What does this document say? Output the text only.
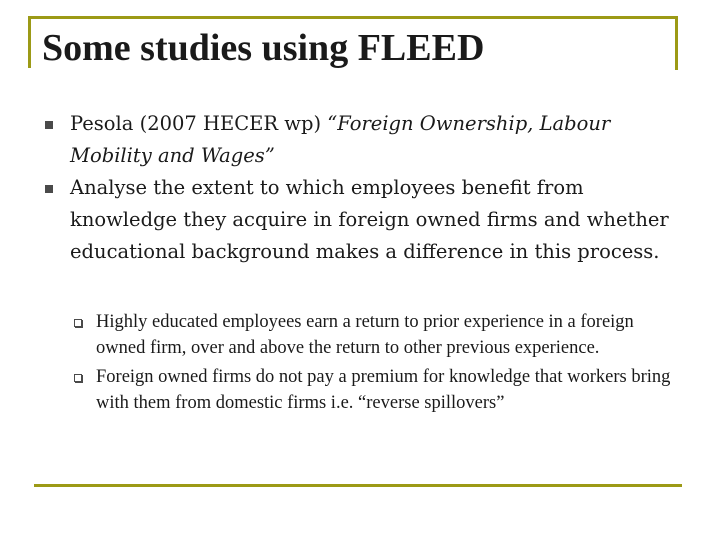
Some studies using FLEED
Pesola (2007 HECER wp) “Foreign Ownership, Labour Mobility and Wages”
Analyse the extent to which employees benefit from knowledge they acquire in foreign owned firms and whether educational background makes a difference in this process.
Highly educated employees earn a return to prior experience in a foreign owned firm, over and above the return to other previous experience.
Foreign owned firms do not pay a premium for knowledge that workers bring with them from domestic firms i.e. “reverse spillovers”
